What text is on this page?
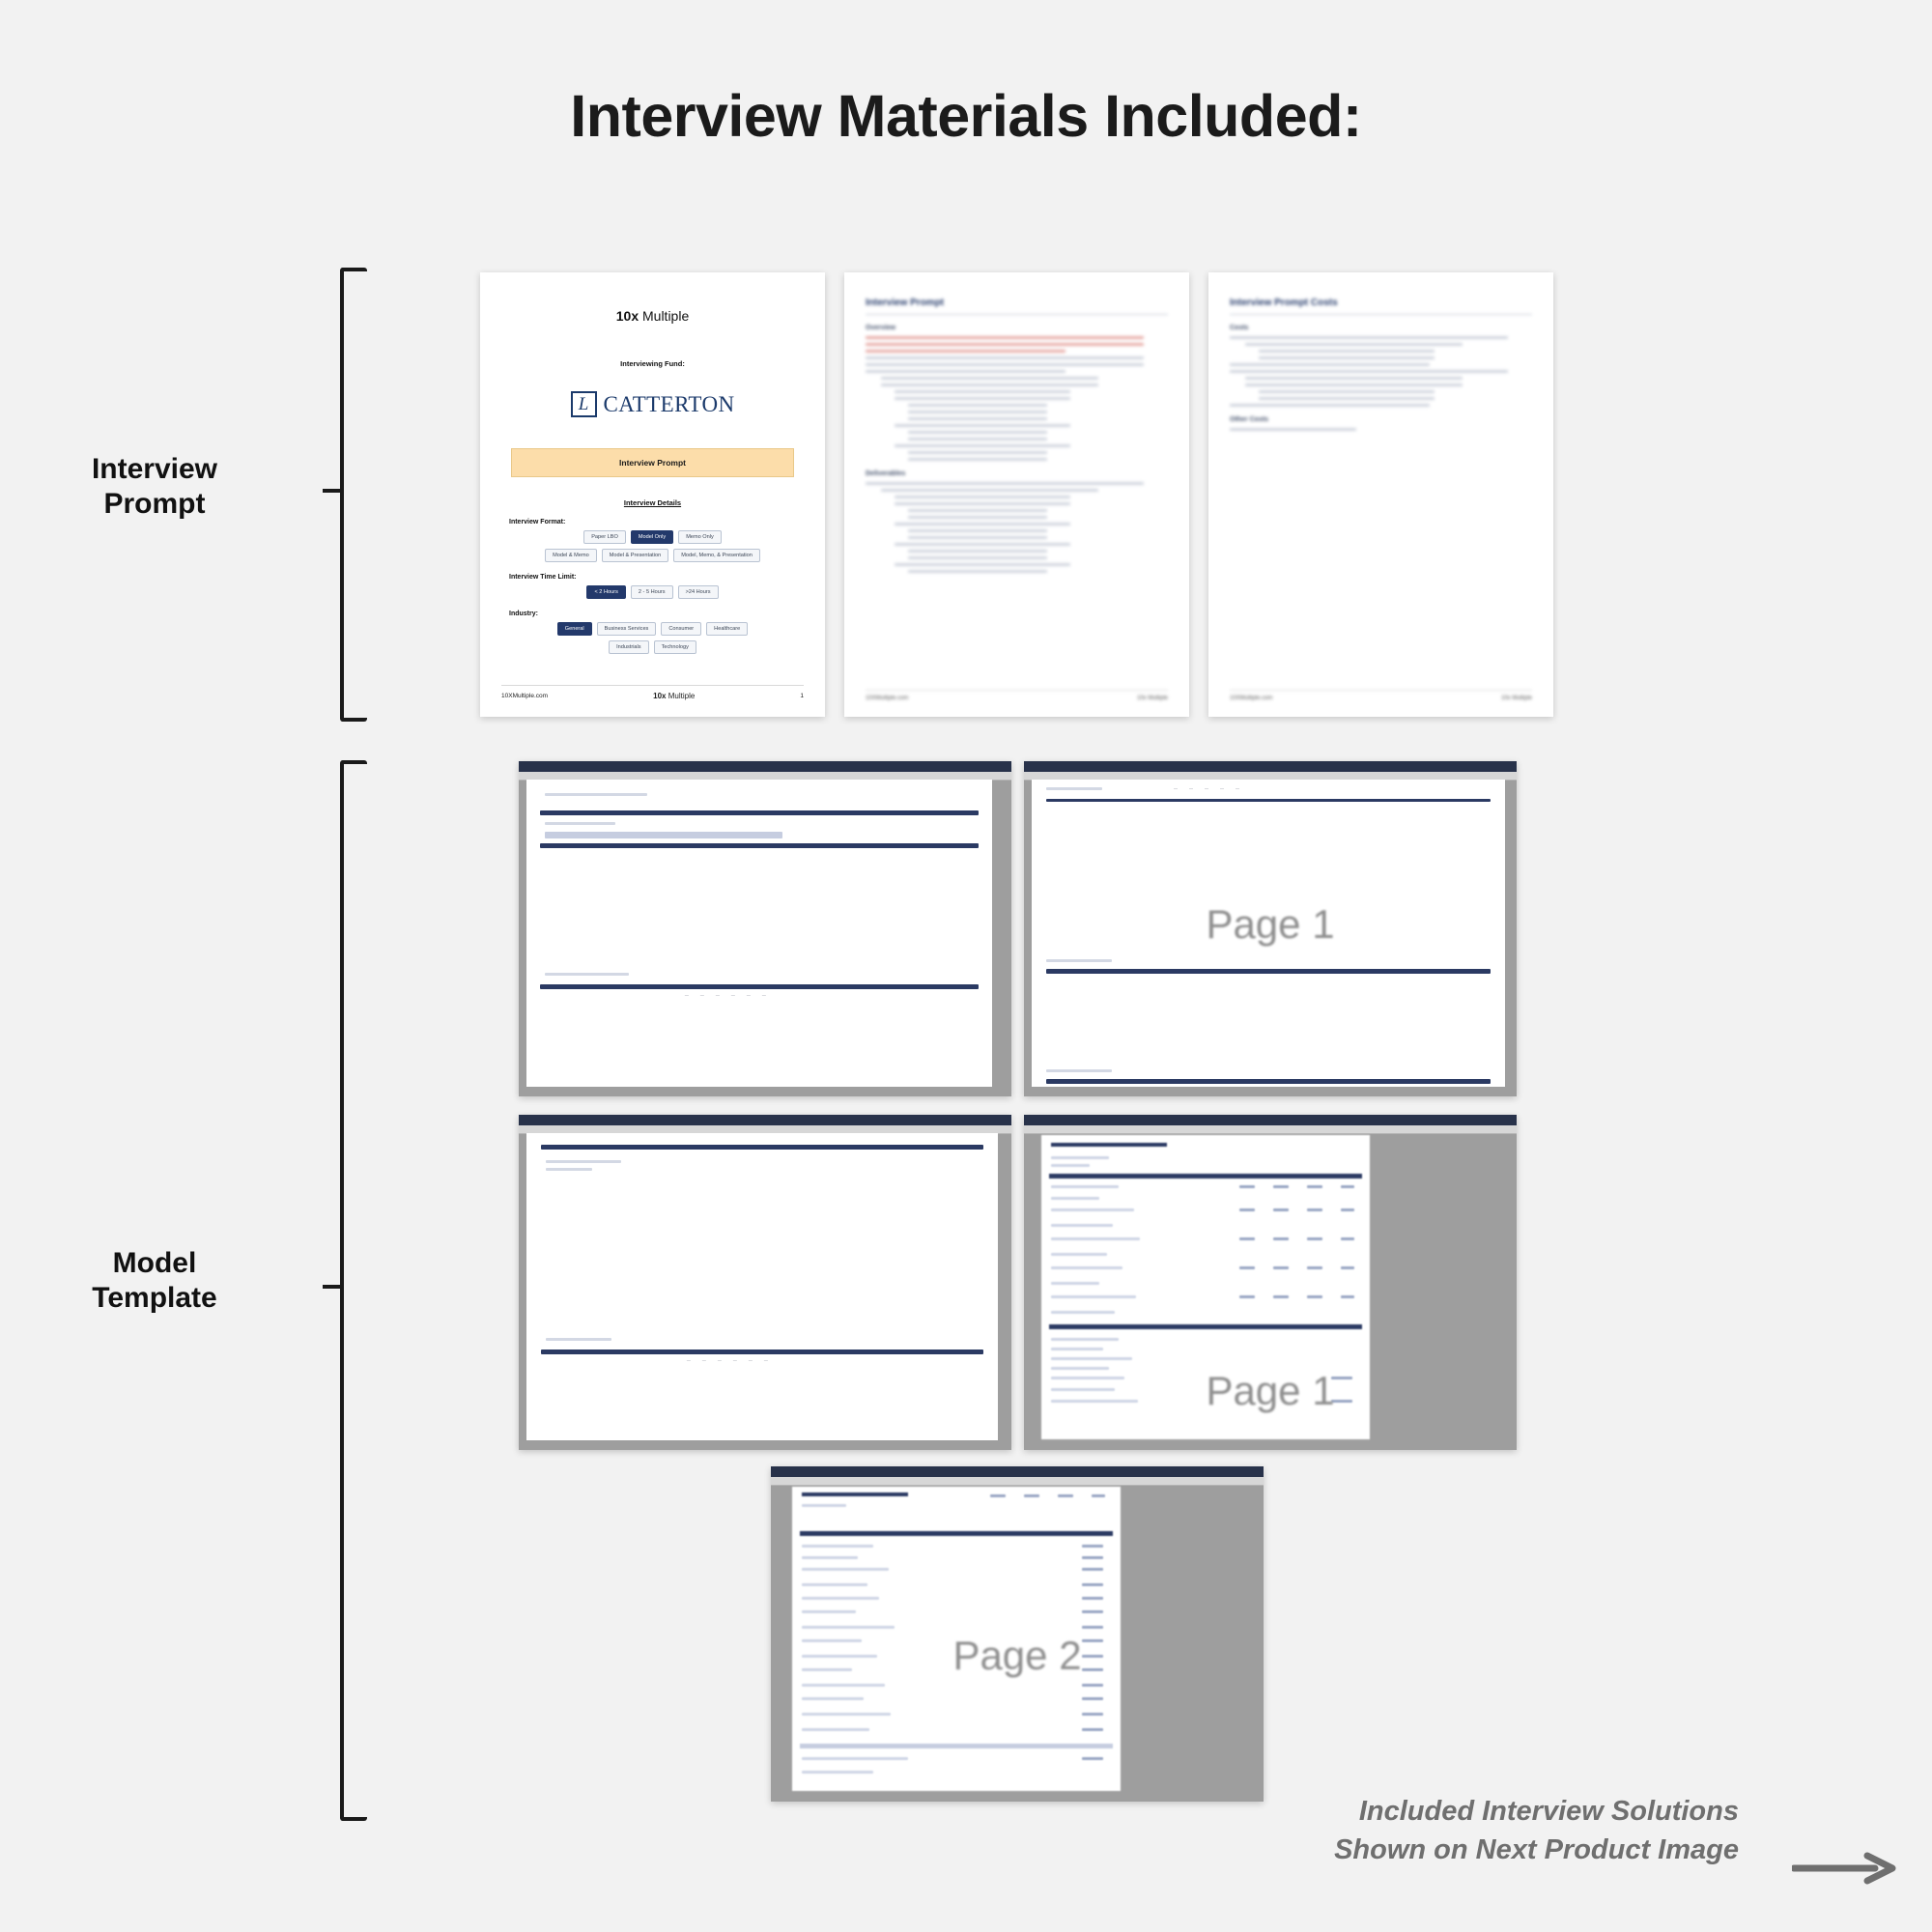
Interview Materials Included:
Interview
Prompt
Model
Template
10x Multiple
Interviewing Fund:
L CATTERTON
Interview Prompt
Interview Details
Interview Format:
Paper LBO	Model Only	Memo Only
Model & Memo	Model & Presentation	Model, Memo, & Presentation
Interview Time Limit:
< 2 Hours	2 - 5 Hours	>24 Hours
Industry:
General	Business Services	Consumer	Healthcare
Industrials	Technology
10XMultiple.com	10x Multiple	1
Interview Prompt
Overview
Deliverables
10XMultiple.com	10x Multiple
Interview Prompt Costs
Costs
Other Costs
10XMultiple.com	10x Multiple
—	—	—	—	—	—
—	—	—	—	—
Page 1
—	—	—	—	—	—
Page 1
Page 2
Included Interview Solutions
Shown on Next Product Image
